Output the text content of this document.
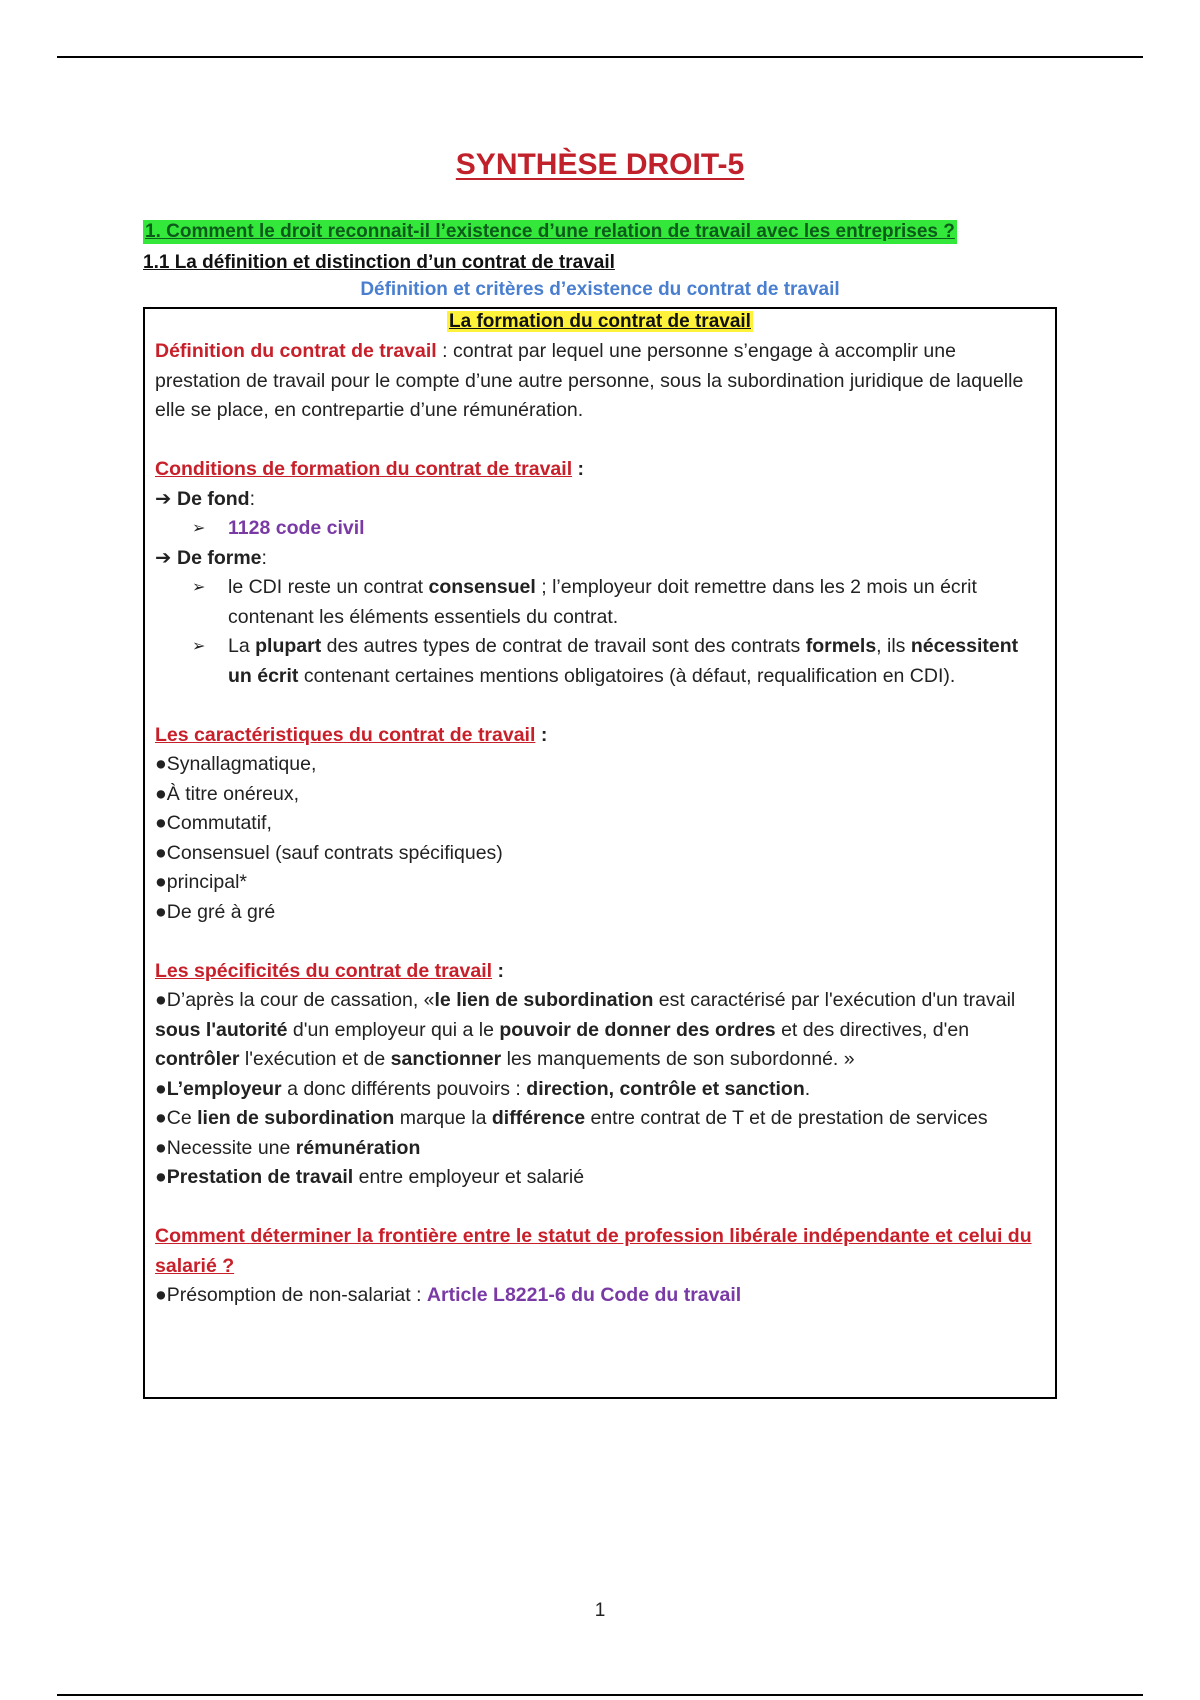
SYNTHÈSE DROIT-5
1. Comment le droit reconnait-il l’existence d’une relation de travail avec les entreprises ?
1.1 La définition et distinction d’un contrat de travail
Définition et critères d’existence du contrat de travail
La formation du contrat de travail

Définition du contrat de travail : contrat par lequel une personne s’engage à accomplir une prestation de travail pour le compte d’une autre personne, sous la subordination juridique de laquelle elle se place, en contrepartie d’une rémunération.

Conditions de formation du contrat de travail :

➔ De fond :

➢	1128 code civil

➔ De forme :

➢	le CDI reste un contrat consensuel ; l’employeur doit remettre dans les 2 mois un écrit contenant les éléments essentiels du contrat.
➢	La plupart des autres types de contrat de travail sont des contrats formels, ils nécessitent un écrit contenant certaines mentions obligatoires (à défaut, requalification en CDI).

Les caractéristiques du contrat de travail :

●Synallagmatique,

●À titre onéreux,

●Commutatif,

●Consensuel (sauf contrats spécifiques)

●principal*

●De gré à gré

Les spécificités du contrat de travail :

●D’après la cour de cassation, «le lien de subordination est caractérisé par l'exécution d'un travail sous l'autorité d'un employeur qui a le pouvoir de donner des ordres et des directives, d'en contrôler l'exécution et de sanctionner les manquements de son subordonné. »

●L’employeur a donc différents pouvoirs : direction, contrôle et sanction.

●Ce lien de subordination marque la différence entre contrat de T et de prestation de services

●Necessite une rémunération

●Prestation de travail entre employeur et salarié

Comment déterminer la frontière entre le statut de profession libérale indépendante et celui du salarié ?

●Présomption de non-salariat : Article L8221-6 du Code du travail

1
